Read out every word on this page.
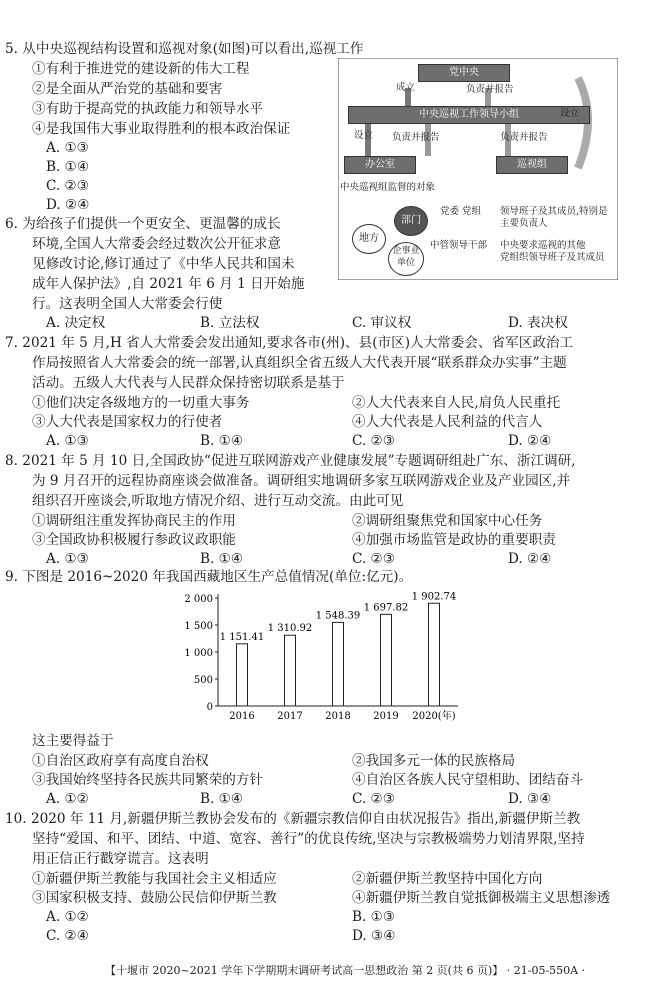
5. 从中央巡视结构设置和巡视对象(如图)可以看出,巡视工作
①有利于推进党的建设新的伟大工程
②是全面从严治党的基础和要害
③有助于提高党的执政能力和领导水平
④是我国伟大事业取得胜利的根本政治保证
A. ①③
B. ①④
C. ②③
D. ②④
党中央
成立	负责并报告
中央巡视工作领导小组
设立 负责并报告	负责并报告
设立
办公室	巡视组
中央巡视组监督的对象
部门
地方
企事业单位
党委 党组 领导班子及其成员,特别是
主要负责人
中管领导干部 中央要求巡视的其他
党组织领导班子及其成员
6. 为给孩子们提供一个更安全、更温馨的成长
环境,全国人大常委会经过数次公开征求意
见修改讨论,修订通过了《中华人民共和国未
成年人保护法》,自 2021 年 6 月 1 日开始施
行。这表明全国人大常委会行使
A. 决定权	B. 立法权	C. 审议权	D. 表决权
7. 2021 年 5 月,H 省人大常委会发出通知,要求各市(州)、县(市区)人大常委会、省军区政治工
作局按照省人大常委会的统一部署,认真组织全省五级人大代表开展“联系群众办实事”主题
活动。五级人大代表与人民群众保持密切联系是基于
①他们决定各级地方的一切重大事务	②人大代表来自人民,肩负人民重托
③人大代表是国家权力的行使者	④人大代表是人民利益的代言人
A. ①③	B. ①④	C. ②③	D. ②④
8. 2021 年 5 月 10 日,全国政协“促进互联网游戏产业健康发展”专题调研组赴广东、浙江调研,
为 9 月召开的远程协商座谈会做准备。调研组实地调研多家互联网游戏企业及产业园区,并
组织召开座谈会,听取地方情况介绍、进行互动交流。由此可见
①调研组注重发挥协商民主的作用	②调研组聚焦党和国家中心任务
③全国政协积极履行参政议政职能	④加强市场监管是政协的重要职责
A. ①③	B. ①④	C. ②③	D. ②④
9. 下图是 2016~2020 年我国西藏地区生产总值情况(单位:亿元)。
2 000
1 500
1 000
500
0
1 151.41
2016
1 310.92
2017
1 548.39
2018
1 697.82
2019
1 902.74
2020(年)
这主要得益于
①自治区政府享有高度自治权	②我国多元一体的民族格局
③我国始终坚持各民族共同繁荣的方针	④自治区各族人民守望相助、团结奋斗
A. ①②	B. ①④	C. ②③	D. ③④
10. 2020 年 11 月,新疆伊斯兰教协会发布的《新疆宗教信仰自由状况报告》指出,新疆伊斯兰教
坚持“爱国、和平、团结、中道、宽容、善行”的优良传统,坚决与宗教极端势力划清界限,坚持
用正信正行戳穿谎言。这表明
①新疆伊斯兰教能与我国社会主义相适应	②新疆伊斯兰教坚持中国化方向
③国家积极支持、鼓励公民信仰伊斯兰教	④新疆伊斯兰教自觉抵御极端主义思想渗透
A. ①②	B. ①③
C. ②④	D. ③④
【十堰市 2020~2021 学年下学期期末调研考试高一思想政治 第 2 页(共 6 页)】 · 21-05-550A ·
